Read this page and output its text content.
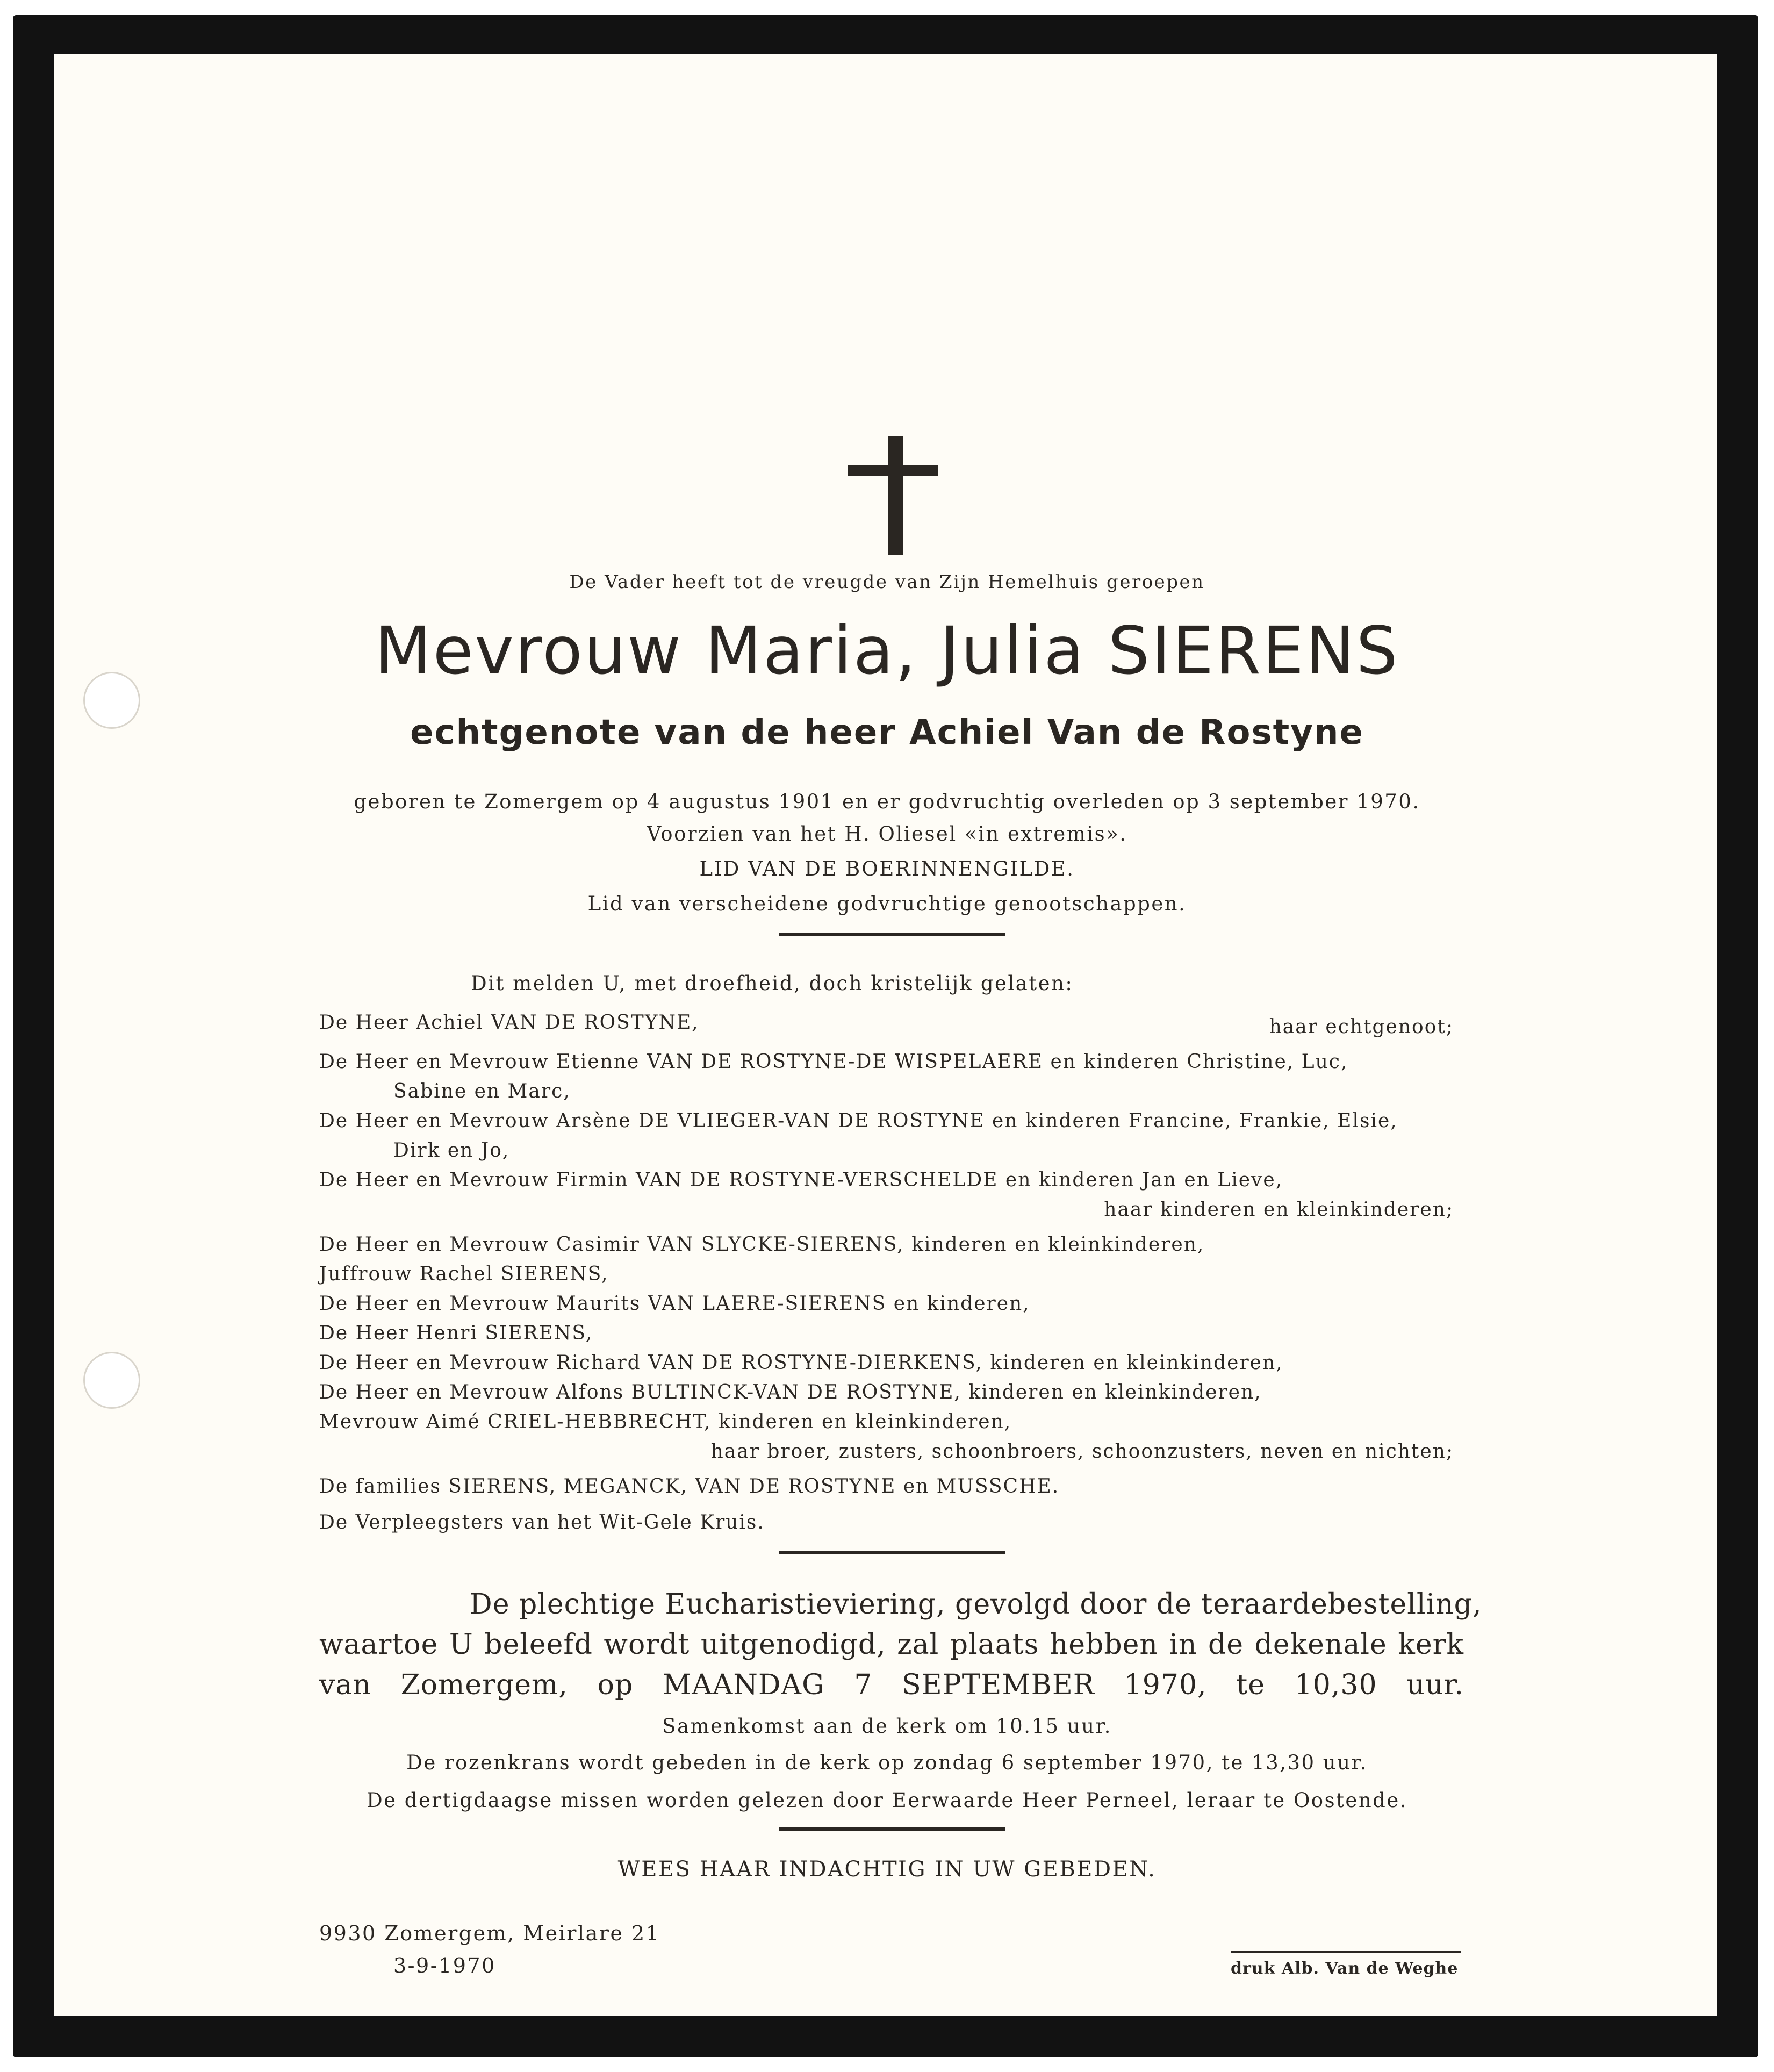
De Vader heeft tot de vreugde van Zijn Hemelhuis geroepen
Mevrouw Maria, Julia SIERENS
echtgenote van de heer Achiel Van de Rostyne
geboren te Zomergem op 4 augustus 1901 en er godvruchtig overleden op 3 september 1970.
Voorzien van het H. Oliesel «in extremis».
LID VAN DE BOERINNENGILDE.
Lid van verscheidene godvruchtige genootschappen.
Dit melden U, met droefheid, doch kristelijk gelaten:
De Heer Achiel VAN DE ROSTYNE,	haar echtgenoot;
De Heer en Mevrouw Etienne VAN DE ROSTYNE-DE WISPELAERE en kinderen Christine, Luc,
Sabine en Marc,
De Heer en Mevrouw Arsène DE VLIEGER-VAN DE ROSTYNE en kinderen Francine, Frankie, Elsie,
Dirk en Jo,
De Heer en Mevrouw Firmin VAN DE ROSTYNE-VERSCHELDE en kinderen Jan en Lieve,
haar kinderen en kleinkinderen;
De Heer en Mevrouw Casimir VAN SLYCKE-SIERENS, kinderen en kleinkinderen,
Juffrouw Rachel SIERENS,
De Heer en Mevrouw Maurits VAN LAERE-SIERENS en kinderen,
De Heer Henri SIERENS,
De Heer en Mevrouw Richard VAN DE ROSTYNE-DIERKENS, kinderen en kleinkinderen,
De Heer en Mevrouw Alfons BULTINCK-VAN DE ROSTYNE, kinderen en kleinkinderen,
Mevrouw Aimé CRIEL-HEBBRECHT, kinderen en kleinkinderen,
haar broer, zusters, schoonbroers, schoonzusters, neven en nichten;
De families SIERENS, MEGANCK, VAN DE ROSTYNE en MUSSCHE.
De Verpleegsters van het Wit-Gele Kruis.
De plechtige Eucharistieviering, gevolgd door de teraardebestelling,
waartoe U beleefd wordt uitgenodigd, zal plaats hebben in de dekenale kerk
van Zomergem, op MAANDAG 7 SEPTEMBER 1970, te 10,30 uur.
Samenkomst aan de kerk om 10.15 uur.
De rozenkrans wordt gebeden in de kerk op zondag 6 september 1970, te 13,30 uur.
De dertigdaagse missen worden gelezen door Eerwaarde Heer Perneel, leraar te Oostende.
WEES HAAR INDACHTIG IN UW GEBEDEN.
9930 Zomergem, Meirlare 21
3-9-1970	druk Alb. Van de Weghe
